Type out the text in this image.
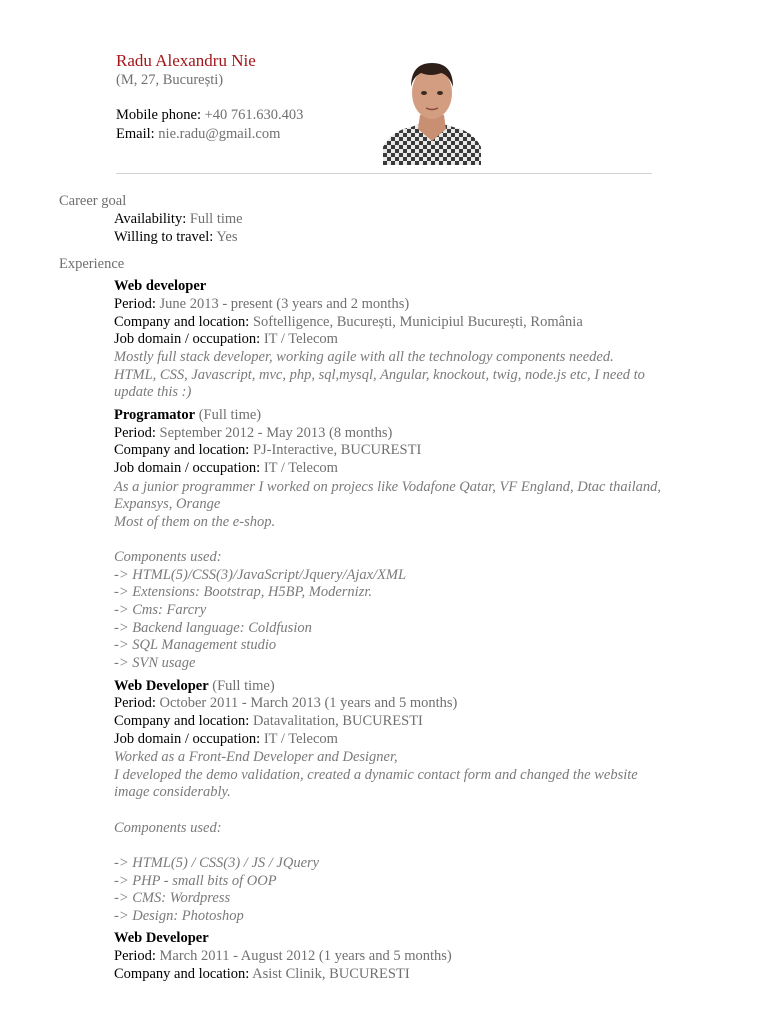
Radu Alexandru Nie
(M, 27, București)
Mobile phone: +40 761.630.403
Email: nie.radu@gmail.com
Career goal
Availability: Full time
Willing to travel: Yes
Experience
Web developer
Period: June 2013 - present (3 years and 2 months)
Company and location: Softelligence, București, Municipiul București, România
Job domain / occupation: IT / Telecom
Mostly full stack developer, working agile with all the technology components needed.
HTML, CSS, Javascript, mvc, php, sql,mysql, Angular, knockout, twig, node.js etc, I need to
update this :)
Programator (Full time)
Period: September 2012 - May 2013 (8 months)
Company and location: PJ-Interactive, BUCURESTI
Job domain / occupation: IT / Telecom
As a junior programmer I worked on projecs like Vodafone Qatar, VF England, Dtac thailand,
Expansys, Orange
Most of them on the e-shop.
Components used:
-> HTML(5)/CSS(3)/JavaScript/Jquery/Ajax/XML
-> Extensions: Bootstrap, H5BP, Modernizr.
-> Cms: Farcry
-> Backend language: Coldfusion
-> SQL Management studio
-> SVN usage
Web Developer (Full time)
Period: October 2011 - March 2013 (1 years and 5 months)
Company and location: Datavalitation, BUCURESTI
Job domain / occupation: IT / Telecom
Worked as a Front-End Developer and Designer,
I developed the demo validation, created a dynamic contact form and changed the website
image considerably.
Components used:
-> HTML(5) / CSS(3) / JS / JQuery
-> PHP - small bits of OOP
-> CMS: Wordpress
-> Design: Photoshop
Web Developer
Period: March 2011 - August 2012 (1 years and 5 months)
Company and location: Asist Clinik, BUCURESTI
